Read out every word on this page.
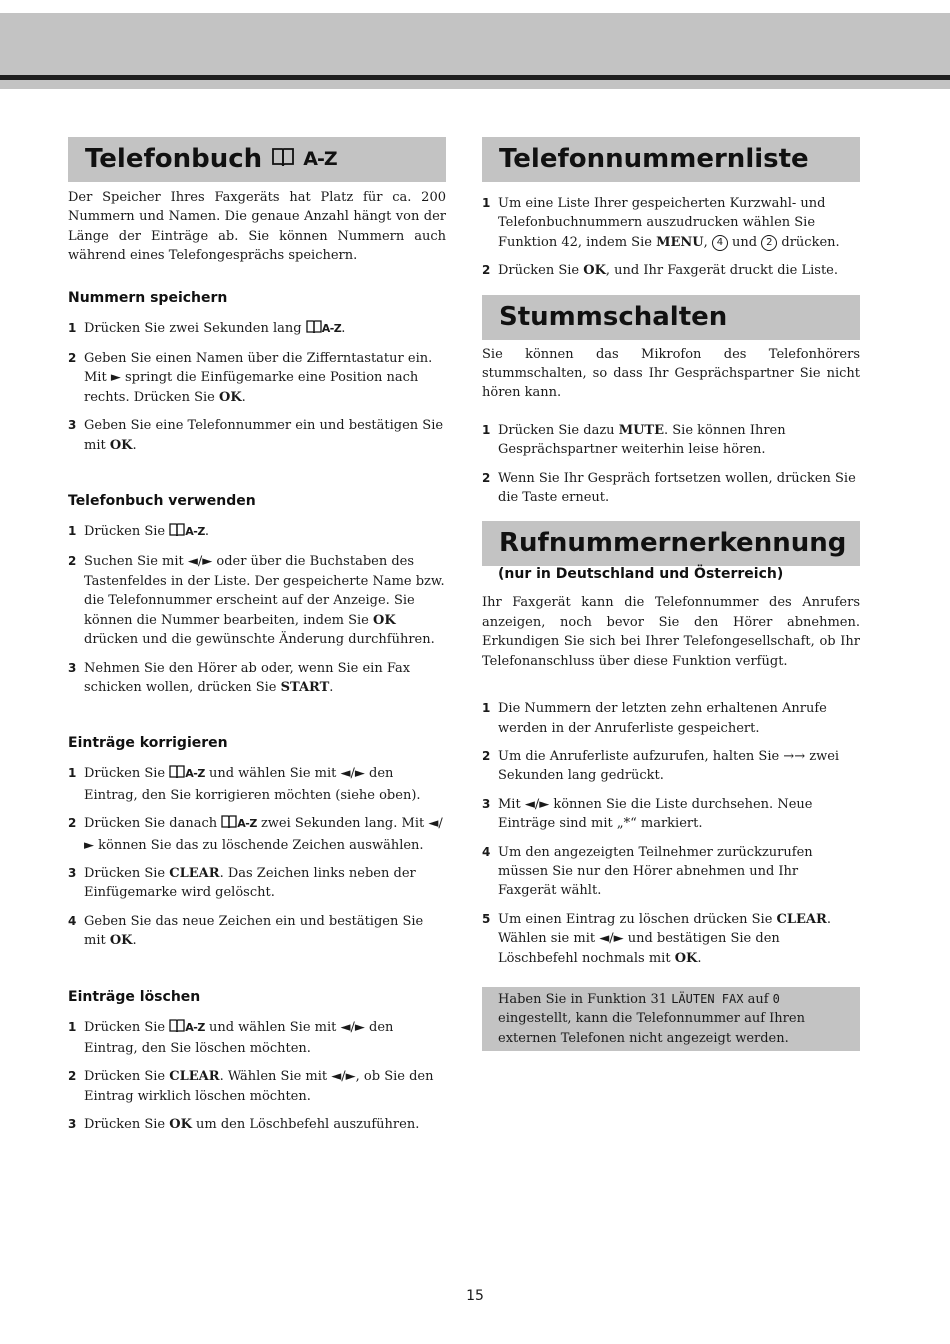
Telefonbuch A-Z

Der Speicher Ihres Faxgeräts hat Platz für ca. 200 Nummern und Namen. Die genaue Anzahl hängt von der Länge der Einträge ab. Sie können Nummern auch während eines Telefongesprächs speichern.

Nummern speichern
1 Drücken Sie zwei Sekunden lang A-Z.
2 Geben Sie einen Namen über die Zifferntastatur ein. Mit ► springt die Einfügemarke eine Position nach rechts. Drücken Sie OK.
3 Geben Sie eine Telefonnummer ein und bestätigen Sie mit OK.
Telefonbuch verwenden
1 Drücken Sie A-Z.
2 Suchen Sie mit ◄/► oder über die Buchstaben des Tastenfeldes in der Liste. Der gespeicherte Name bzw. die Telefonnummer erscheint auf der Anzeige. Sie können die Nummer bearbeiten, indem Sie OK drücken und die gewünschte Änderung durchführen.
3 Nehmen Sie den Hörer ab oder, wenn Sie ein Fax schicken wollen, drücken Sie START.
Einträge korrigieren
1 Drücken Sie A-Z und wählen Sie mit ◄/► den Eintrag, den Sie korrigieren möchten (siehe oben).
2 Drücken Sie danach A-Z zwei Sekunden lang. Mit ◄/► können Sie das zu löschende Zeichen auswählen.
3 Drücken Sie CLEAR. Das Zeichen links neben der Einfügemarke wird gelöscht.
4 Geben Sie das neue Zeichen ein und bestätigen Sie mit OK.
Einträge löschen
1 Drücken Sie A-Z und wählen Sie mit ◄/► den Eintrag, den Sie löschen möchten.
2 Drücken Sie CLEAR. Wählen Sie mit ◄/►, ob Sie den Eintrag wirklich löschen möchten.
3 Drücken Sie OK um den Löschbefehl auszuführen.
Telefonnummernliste
1 Um eine Liste Ihrer gespeicherten Kurzwahl- und Telefonbuchnummern auszudrucken wählen Sie Funktion 42, indem Sie MENU, 4 und 2 drücken.
2 Drücken Sie OK, und Ihr Faxgerät druckt die Liste.
Stummschalten

Sie können das Mikrofon des Telefonhörers stummschalten, so dass Ihr Gesprächspartner Sie nicht hören kann.

1 Drücken Sie dazu MUTE. Sie können Ihren Gesprächspartner weiterhin leise hören.
2 Wenn Sie Ihr Gespräch fortsetzen wollen, drücken Sie die Taste erneut.
Rufnummernerkennung
(nur in Deutschland und Österreich)

Ihr Faxgerät kann die Telefonnummer des Anrufers anzeigen, noch bevor Sie den Hörer abnehmen. Erkundigen Sie sich bei Ihrer Telefongesellschaft, ob Ihr Telefonanschluss über diese Funktion verfügt.

1 Die Nummern der letzten zehn erhaltenen Anrufe werden in der Anruferliste gespeichert.
2 Um die Anruferliste aufzurufen, halten Sie →→ zwei Sekunden lang gedrückt.
3 Mit ◄/► können Sie die Liste durchsehen. Neue Einträge sind mit „*“ markiert.
4 Um den angezeigten Teilnehmer zurückzurufen müssen Sie nur den Hörer abnehmen und Ihr Faxgerät wählt.
5 Um einen Eintrag zu löschen drücken Sie CLEAR. Wählen sie mit ◄/► und bestätigen Sie den Löschbefehl nochmals mit OK.
Haben Sie in Funktion 31 LÄUTEN FAX auf 0 eingestellt, kann die Telefonnummer auf Ihren externen Telefonen nicht angezeigt werden.
15
